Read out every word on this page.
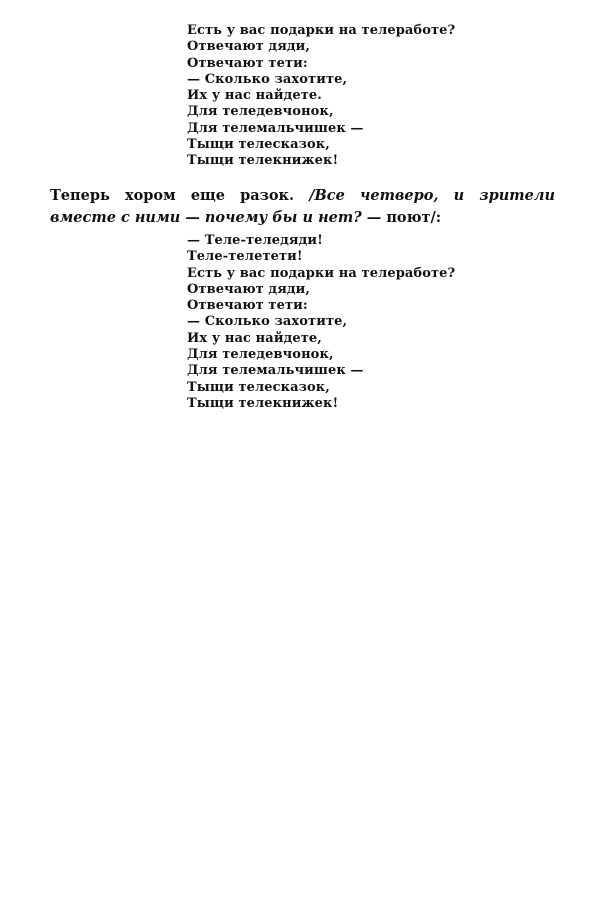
Есть у вас подарки на телеработе?
Отвечают дяди,
Отвечают тети:
— Сколько захотите,
Их у нас найдете.
Для теледевчонок,
Для телемальчишек —
Тыщи телесказок,
Тыщи телекнижек!

Теперь хором еще разок. /Все четверо, и зрители вместе с ними — почему бы и нет? — поют/:

— Теле-теледяди!
Теле-телетети!
Есть у вас подарки на телеработе?
Отвечают дяди,
Отвечают тети:
— Сколько захотите,
Их у нас найдете,
Для теледевчонок,
Для телемальчишек —
Тыщи телесказок,
Тыщи телекнижек!
